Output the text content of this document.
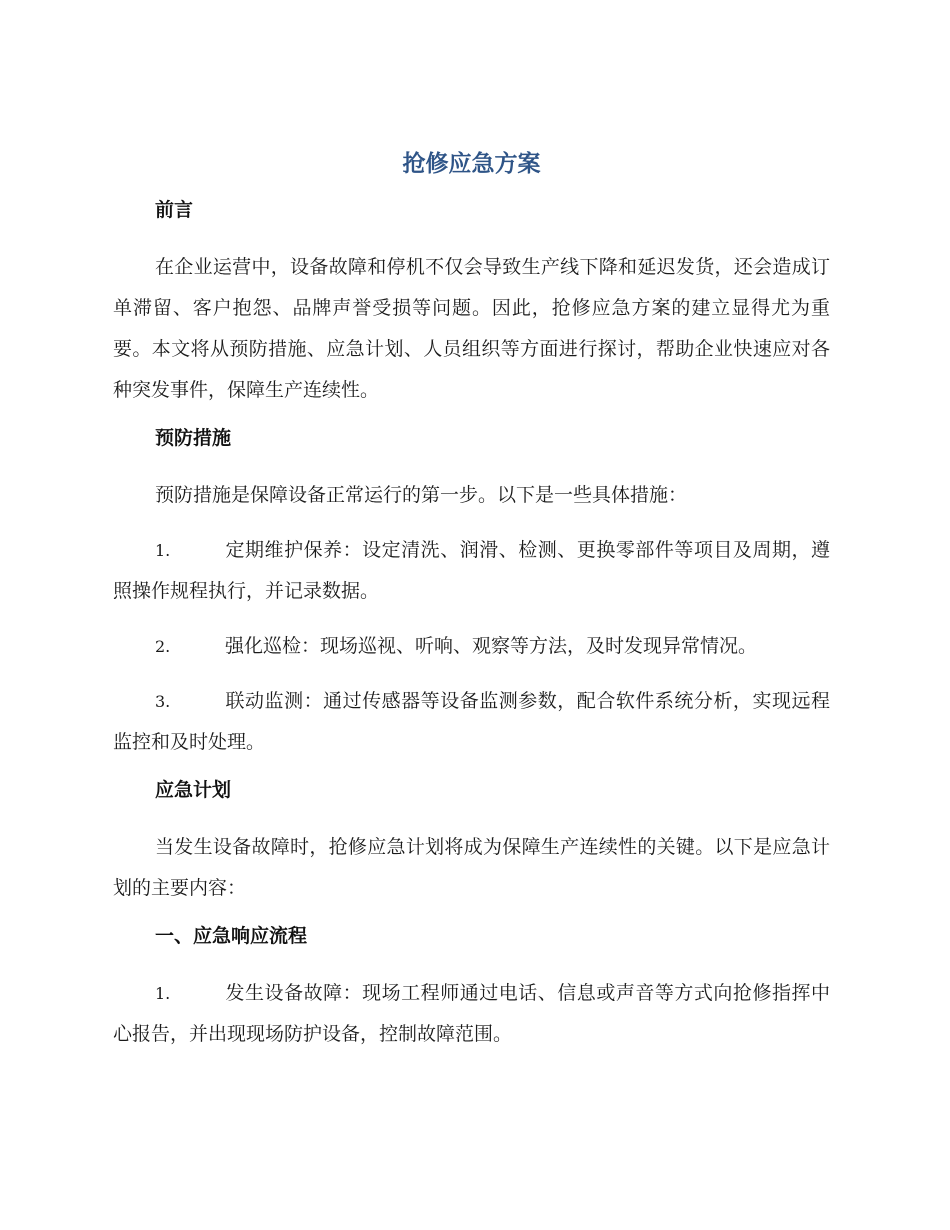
抢修应急方案
前言

在企业运营中，设备故障和停机不仅会导致生产线下降和延迟发货，还会造成订单滞留、客户抱怨、品牌声誉受损等问题。因此，抢修应急方案的建立显得尤为重要。本文将从预防措施、应急计划、人员组织等方面进行探讨，帮助企业快速应对各种突发事件，保障生产连续性。

预防措施

预防措施是保障设备正常运行的第一步。以下是一些具体措施：

1.	定期维护保养：设定清洗、润滑、检测、更换零部件等项目及周期，遵照操作规程执行，并记录数据。
2.	强化巡检：现场巡视、听响、观察等方法，及时发现异常情况。
3.	联动监测：通过传感器等设备监测参数，配合软件系统分析，实现远程监控和及时处理。
应急计划

当发生设备故障时，抢修应急计划将成为保障生产连续性的关键。以下是应急计划的主要内容：

一、应急响应流程
1.	发生设备故障：现场工程师通过电话、信息或声音等方式向抢修指挥中心报告，并出现现场防护设备，控制故障范围。
